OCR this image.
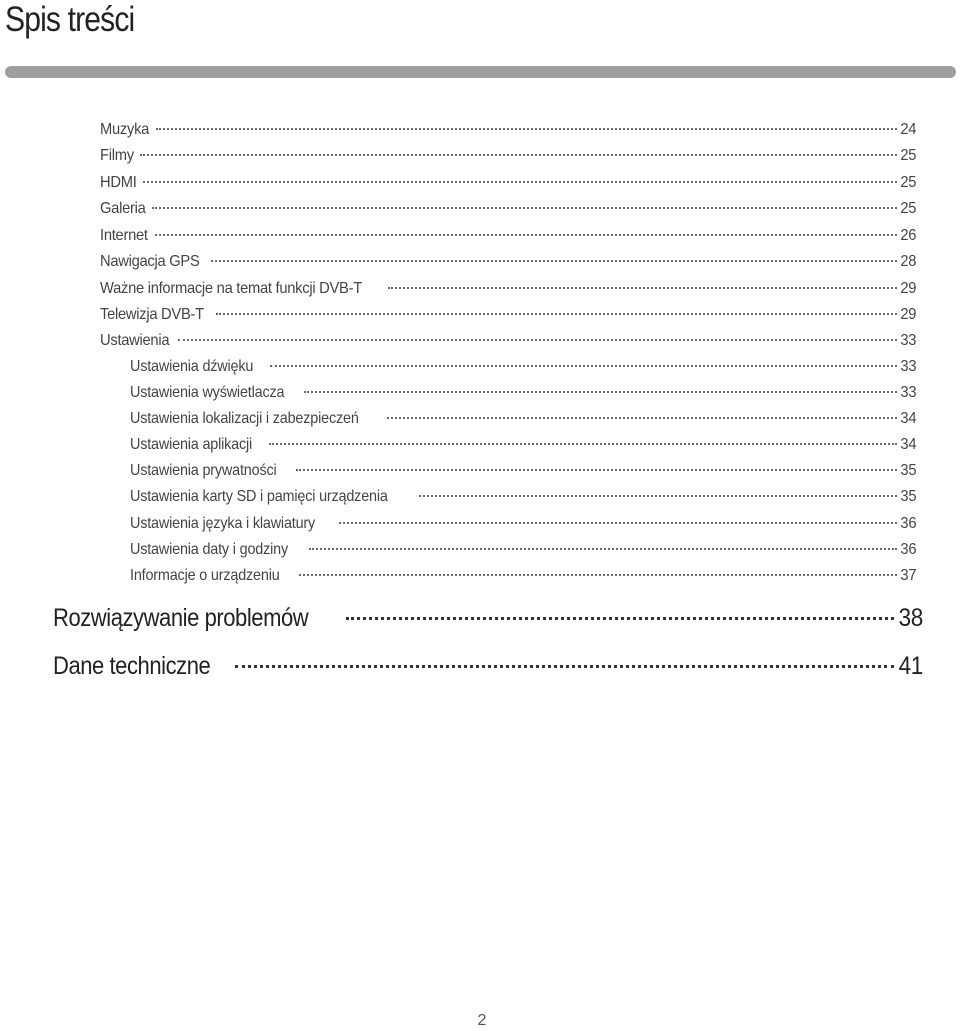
Spis treści
Muzyka	24
Filmy	25
HDMI	25
Galeria	25
Internet	26
Nawigacja GPS	28
Ważne informacje na temat funkcji DVB-T	29
Telewizja DVB-T	29
Ustawienia	33
Ustawienia dźwięku	33
Ustawienia wyświetlacza	33
Ustawienia lokalizacji i zabezpieczeń	34
Ustawienia aplikacji	34
Ustawienia prywatności	35
Ustawienia karty SD i pamięci urządzenia	35
Ustawienia języka i klawiatury	36
Ustawienia daty i godziny	36
Informacje o urządzeniu	37
Rozwiązywanie problemów	38
Dane techniczne	41
2
